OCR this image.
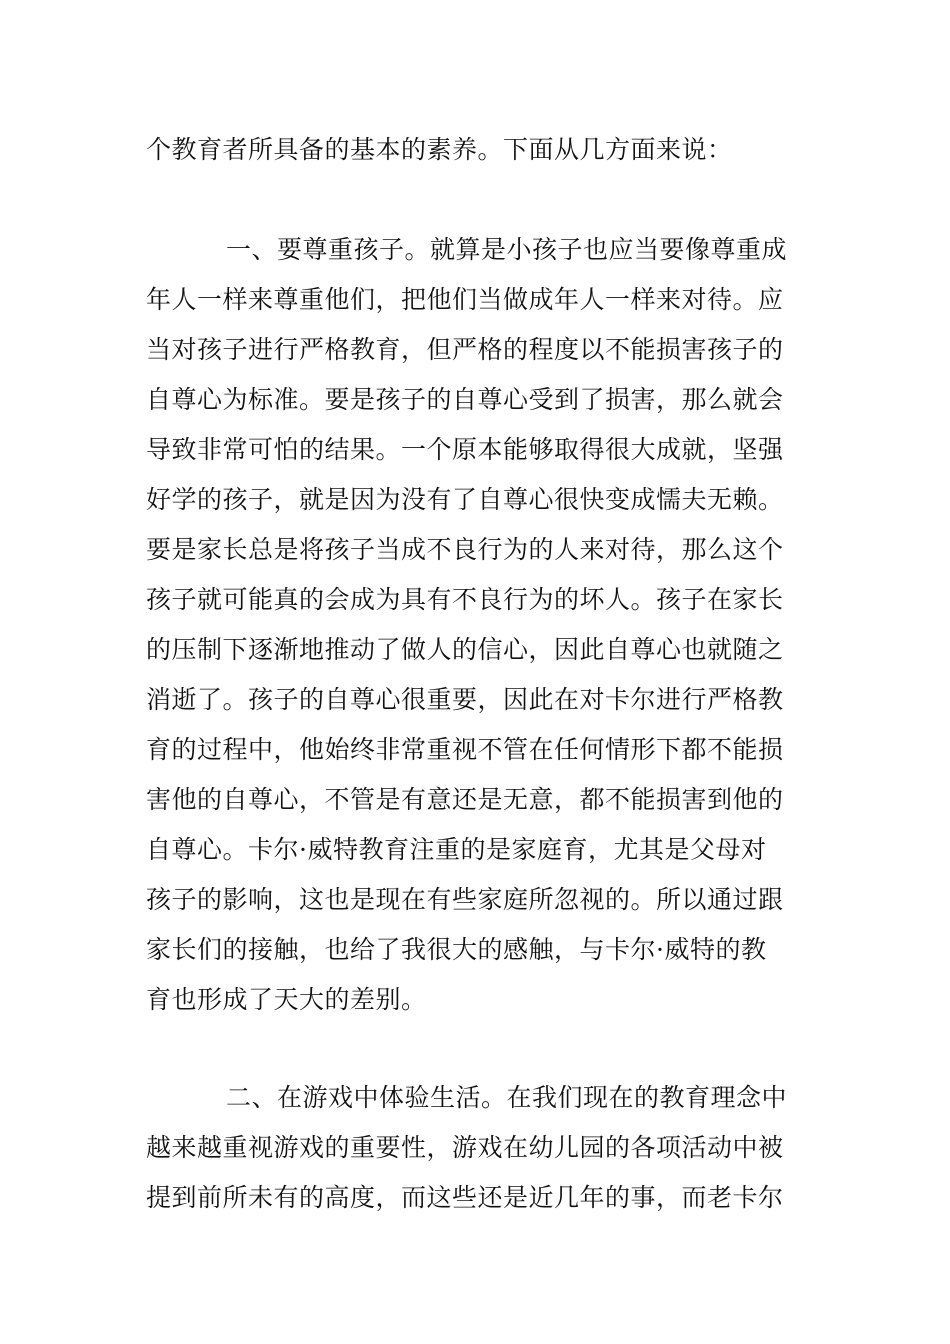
个教育者所具备的基本的素养。下面从几方面来说：
一、要尊重孩子。就算是小孩子也应当要像尊重成
年人一样来尊重他们，把他们当做成年人一样来对待。应
当对孩子进行严格教育，但严格的程度以不能损害孩子的
自尊心为标准。要是孩子的自尊心受到了损害，那么就会
导致非常可怕的结果。一个原本能够取得很大成就，坚强
好学的孩子，就是因为没有了自尊心很快变成懦夫无赖。
要是家长总是将孩子当成不良行为的人来对待，那么这个
孩子就可能真的会成为具有不良行为的坏人。孩子在家长
的压制下逐渐地推动了做人的信心，因此自尊心也就随之
消逝了。孩子的自尊心很重要，因此在对卡尔进行严格教
育的过程中，他始终非常重视不管在任何情形下都不能损
害他的自尊心，不管是有意还是无意，都不能损害到他的
自尊心。卡尔·威特教育注重的是家庭育，尤其是父母对
孩子的影响，这也是现在有些家庭所忽视的。所以通过跟
家长们的接触，也给了我很大的感触，与卡尔·威特的教
育也形成了天大的差别。
二、在游戏中体验生活。在我们现在的教育理念中
越来越重视游戏的重要性，游戏在幼儿园的各项活动中被
提到前所未有的高度，而这些还是近几年的事，而老卡尔
